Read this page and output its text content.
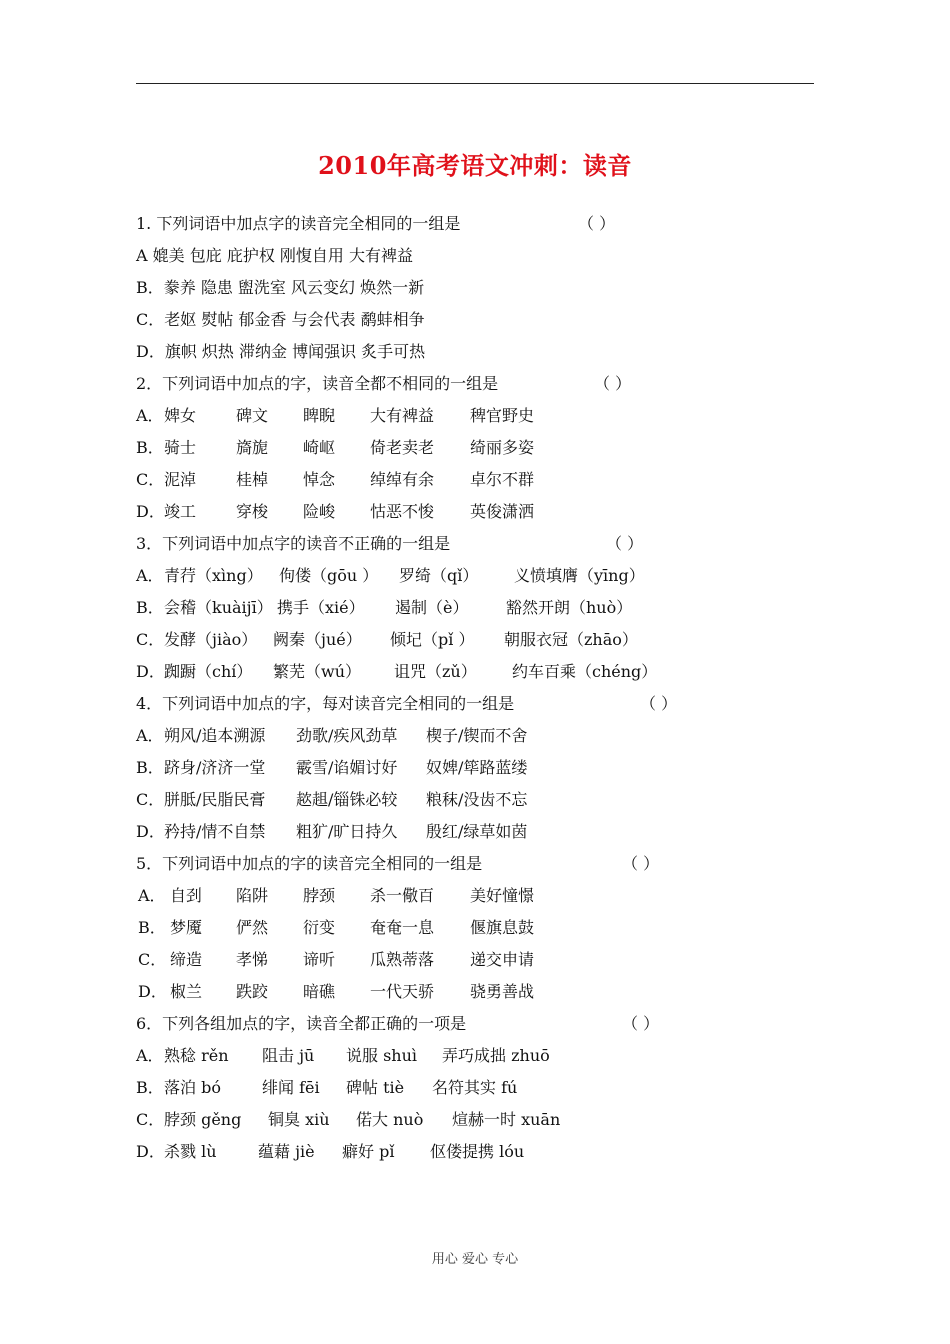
2010年高考语文冲刺：读音
1. 下列词语中加点字的读音完全相同的一组是	（ ）
A 媲美 包庇 庇护权 刚愎自用 大有裨益
B．豢养 隐患 盥洗室 风云变幻 焕然一新
C．老妪 熨帖 郁金香 与会代表 鹬蚌相争
D．旗帜 炽热 滞纳金 博闻强识 炙手可热
2．下列词语中加点的字，读音全都不相同的一组是	（ ）
A． 婢女 碑文 睥睨 大有裨益 稗官野史
B． 骑士 旖旎 崎岖 倚老卖老 绮丽多姿
C． 泥淖 桂棹 悼念 绰绰有余 卓尔不群
D． 竣工 穿梭 险峻 怙恶不悛 英俊潇洒
3．下列词语中加点字的读音不正确的一组是	（ ）
A． 青荇（xìng） 佝偻（gōu ） 罗绮（qǐ） 义愤填膺（yīng）
B． 会稽（kuàijī） 携手（xié） 遏制（è） 豁然开朗（huò）
C． 发酵（jiào） 阙秦（jué） 倾圮（pǐ ） 朝服衣冠（zhāo）
D． 踟蹰（chí） 繁芜（wú） 诅咒（zǔ） 约车百乘（chéng）
4．下列词语中加点的字，每对读音完全相同的一组是	（ ）
A． 朔风/追本溯源 劲歌/疾风劲草 楔子/锲而不舍
B． 跻身/济济一堂 霰雪/谄媚讨好 奴婢/筚路蓝缕
C． 胼胝/民脂民膏 趑趄/锱铢必较 粮秣/没齿不忘
D． 矜持/情不自禁 粗犷/旷日持久 殷红/绿草如茵
5．下列词语中加点的字的读音完全相同的一组是	（ ）
A． 自刭 陷阱 脖颈 杀一儆百 美好憧憬
B． 梦魇 俨然 衍变 奄奄一息 偃旗息鼓
C． 缔造 孝悌 谛听 瓜熟蒂落 递交申请
D． 椒兰 跌跤 暗礁 一代天骄 骁勇善战
6．下列各组加点的字，读音全都正确的一项是	（ ）
A． 熟稔 rěn 阻击 jū 说服 shuì 弄巧成拙 zhuō
B． 落泊 bó	绯闻 fēi 碑帖 tiè 名符其实 fú
C． 脖颈 gěng 铜臭 xiù 偌大 nuò 煊赫一时 xuān
D． 杀戮 lù	蕴藉 jiè 癖好 pǐ 伛偻提携 lóu
用心 爱心 专心
